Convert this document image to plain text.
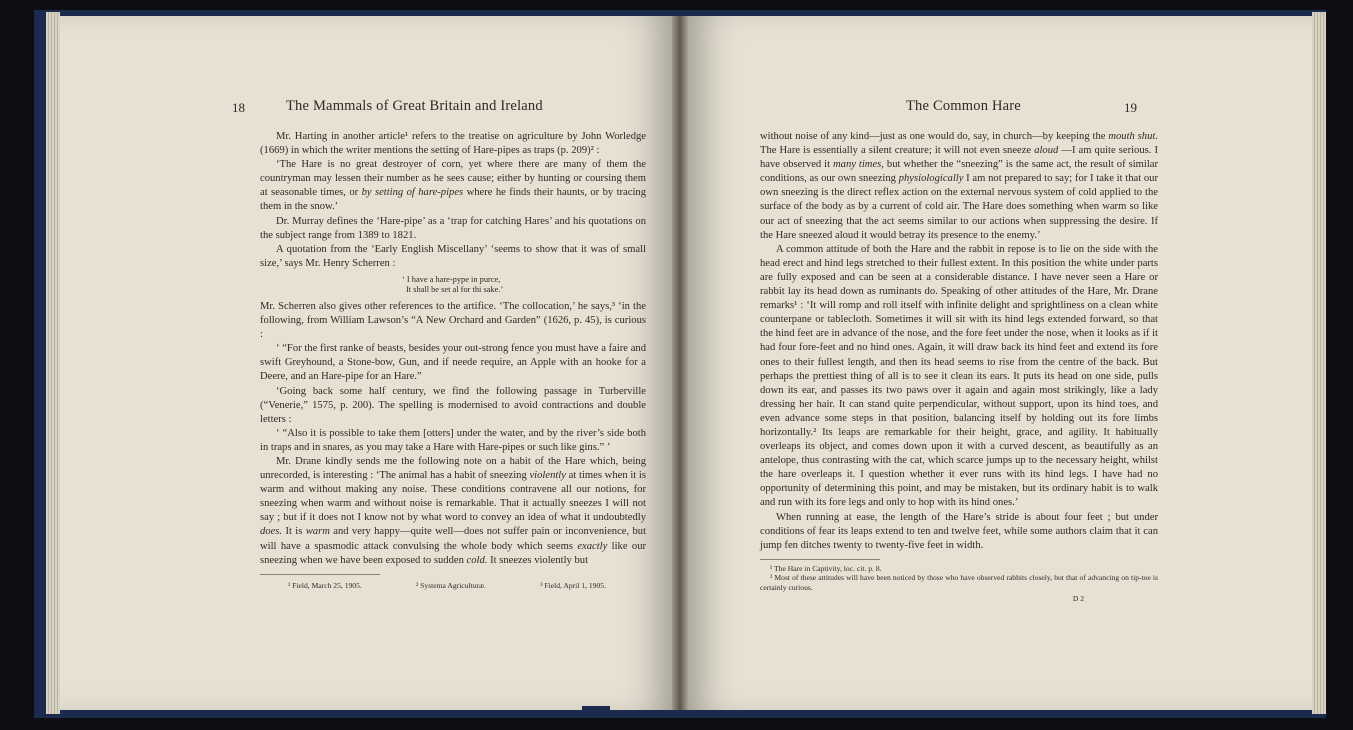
18	The Mammals of Great Britain and Ireland

Mr. Harting in another article¹ refers to the treatise on agriculture by John Worledge (1669) in which the writer mentions the setting of Hare-pipes as traps (p. 209)² :

‘The Hare is no great destroyer of corn, yet where there are many of them the countryman may lessen their number as he sees cause; either by hunting or coursing them at seasonable times, or by setting of hare-pipes where he finds their haunts, or by tracing them in the snow.’

Dr. Murray defines the ‘Hare-pipe’ as a ‘trap for catching Hares’ and his quotations on the subject range from 1389 to 1821.

A quotation from the ‘Early English Miscellany’ ‘seems to show that it was of small size,’ says Mr. Henry Scherren :

‘ I have a hare-pype in purce,
It shall be set al for thi sake.’

Mr. Scherren also gives other references to the artifice. ‘The collocation,’ he says,³ ‘in the following, from William Lawson’s “A New Orchard and Garden” (1626, p. 45), is curious :

‘ “For the first ranke of beasts, besides your out-strong fence you must have a faire and swift Greyhound, a Stone-bow, Gun, and if neede require, an Apple with an hooke for a Deere, and an Hare-pipe for an Hare.”

‘Going back some half century, we find the following passage in Turberville (“Venerie,” 1575, p. 200). The spelling is modernised to avoid contractions and double letters :

‘ “Also it is possible to take them [otters] under the water, and by the river’s side both in traps and in snares, as you may take a Hare with Hare-pipes or such like gins.” ’

Mr. Drane kindly sends me the following note on a habit of the Hare which, being unrecorded, is interesting : ‘The animal has a habit of sneezing violently at times when it is warm and without making any noise. These conditions contravene all our notions, for sneezing when warm and without noise is remarkable. That it actually sneezes I will not say ; but if it does not I know not by what word to convey an idea of what it undoubtedly does. It is warm and very happy—quite well—does not suffer pain or inconvenience, but will have a spasmodic attack convulsing the whole body which seems exactly like our sneezing when we have been exposed to sudden cold. It sneezes violently but

¹ Field, March 25, 1905.	² Systema Agriculturæ.	³ Field, April 1, 1905.
The Common Hare	19

without noise of any kind—just as one would do, say, in church—by keeping the mouth shut. The Hare is essentially a silent creature; it will not even sneeze aloud —I am quite serious. I have observed it many times, but whether the “sneezing” is the same act, the result of similar conditions, as our own sneezing physiologically I am not prepared to say; for I take it that our own sneezing is the direct reflex action on the external nervous system of cold applied to the surface of the body as by a current of cold air. The Hare does something when warm so like our act of sneezing that the act seems similar to our actions when suppressing the desire. If the Hare sneezed aloud it would betray its presence to the enemy.’

A common attitude of both the Hare and the rabbit in repose is to lie on the side with the head erect and hind legs stretched to their fullest extent. In this position the white under parts are fully exposed and can be seen at a considerable distance. I have never seen a Hare or rabbit lay its head down as ruminants do. Speaking of other attitudes of the Hare, Mr. Drane remarks¹ : ‘It will romp and roll itself with infinite delight and sprightliness on a clean white counterpane or tablecloth. Sometimes it will sit with its hind legs extended forward, so that the hind feet are in advance of the nose, and the fore feet under the nose, when it looks as if it had four fore-feet and no hind ones. Again, it will draw back its hind feet and extend its fore ones to their fullest length, and then its head seems to rise from the centre of the back. But perhaps the prettiest thing of all is to see it clean its ears. It puts its head on one side, pulls down its ear, and passes its two paws over it again and again most strikingly, like a lady dressing her hair. It can stand quite perpendicular, without support, upon its hind toes, and even advance some steps in that position, balancing itself by holding out its fore limbs horizontally.² Its leaps are remarkable for their height, grace, and agility. It habitually overleaps its object, and comes down upon it with a curved descent, as beautifully as an antelope, thus contrasting with the cat, which scarce jumps up to the necessary height, whilst the hare overleaps it. I question whether it ever runs with its hind legs. I have had no opportunity of determining this point, and may be mistaken, but its ordinary habit is to walk and run with its fore legs and only to hop with its hind ones.’

When running at ease, the length of the Hare’s stride is about four feet ; but under conditions of fear its leaps extend to ten and twelve feet, while some authors claim that it can jump fen ditches twenty to twenty-five feet in width.

¹ The Hare in Captivity, loc. cit. p. 8.

² Most of these attitudes will have been noticed by those who have observed rabbits closely, but that of advancing on tip-toe is certainly curious.

D 2
